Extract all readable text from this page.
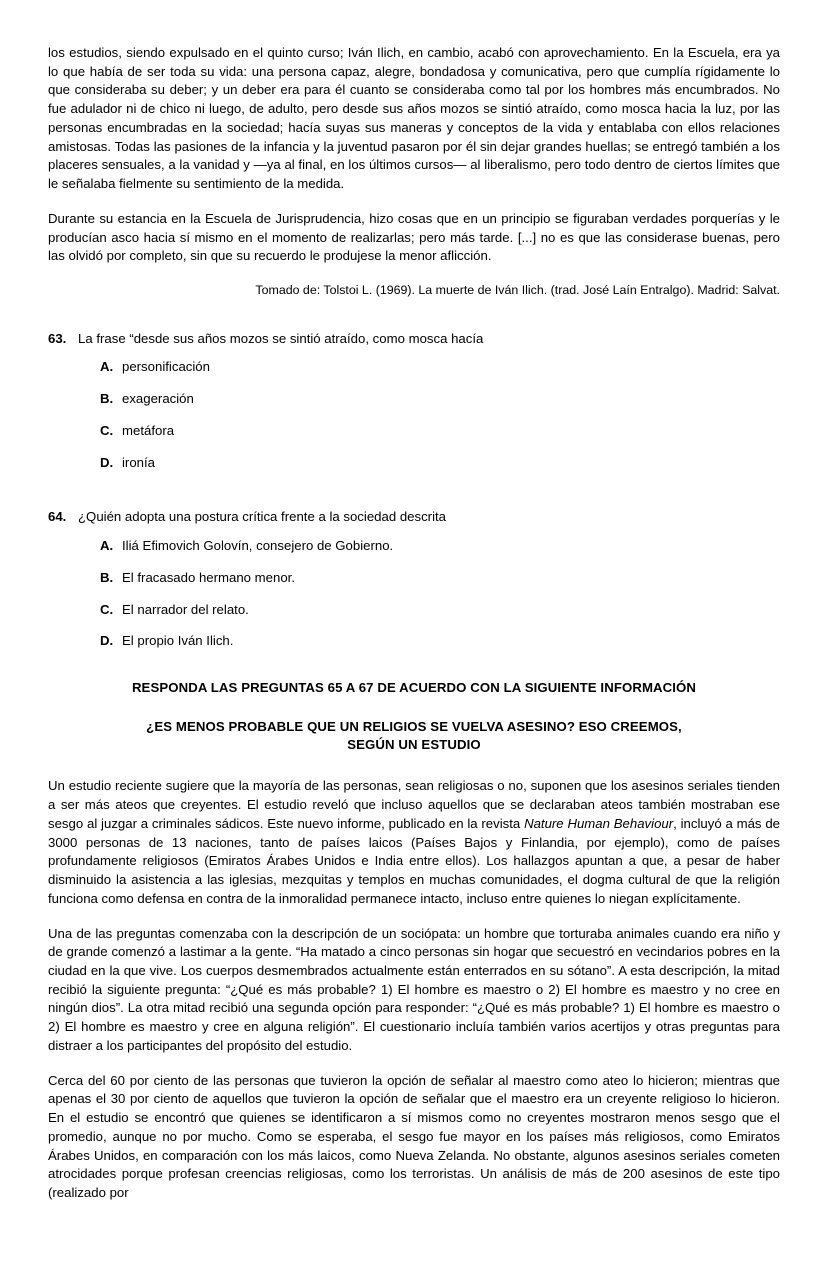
los estudios, siendo expulsado en el quinto curso; Iván Ilich, en cambio, acabó con aprovechamiento. En la Escuela, era ya lo que había de ser toda su vida: una persona capaz, alegre, bondadosa y comunicativa, pero que cumplía rígidamente lo que consideraba su deber; y un deber era para él cuanto se consideraba como tal por los hombres más encumbrados. No fue adulador ni de chico ni luego, de adulto, pero desde sus años mozos se sintió atraído, como mosca hacia la luz, por las personas encumbradas en la sociedad; hacía suyas sus maneras y conceptos de la vida y entablaba con ellos relaciones amistosas. Todas las pasiones de la infancia y la juventud pasaron por él sin dejar grandes huellas; se entregó también a los placeres sensuales, a la vanidad y —ya al final, en los últimos cursos— al liberalismo, pero todo dentro de ciertos límites que le señalaba fielmente su sentimiento de la medida.

Durante su estancia en la Escuela de Jurisprudencia, hizo cosas que en un principio se figuraban verdades porquerías y le producían asco hacia sí mismo en el momento de realizarlas; pero más tarde. [...] no es que las considerase buenas, pero las olvidó por completo, sin que su recuerdo le produjese la menor aflicción.

Tomado de: Tolstoi L. (1969). La muerte de Iván Ilich. (trad. José Laín Entralgo). Madrid: Salvat.

63. La frase “desde sus años mozos se sintió atraído, como mosca hacía
A. personificación
B. exageración
C. metáfora
D. ironía
64. ¿Quién adopta una postura crítica frente a la sociedad descrita
A. Iliá Efimovich Golovín, consejero de Gobierno.
B. El fracasado hermano menor.
C. El narrador del relato.
D. El propio Iván Ilich.
RESPONDA LAS PREGUNTAS 65 A 67 DE ACUERDO CON LA SIGUIENTE INFORMACIÓN
¿ES MENOS PROBABLE QUE UN RELIGIOS SE VUELVA ASESINO? ESO CREEMOS,
SEGÚN UN ESTUDIO

Un estudio reciente sugiere que la mayoría de las personas, sean religiosas o no, suponen que los asesinos seriales tienden a ser más ateos que creyentes. El estudio reveló que incluso aquellos que se declaraban ateos también mostraban ese sesgo al juzgar a criminales sádicos. Este nuevo informe, publicado en la revista Nature Human Behaviour, incluyó a más de 3000 personas de 13 naciones, tanto de países laicos (Países Bajos y Finlandia, por ejemplo), como de países profundamente religiosos (Emiratos Árabes Unidos e India entre ellos). Los hallazgos apuntan a que, a pesar de haber disminuido la asistencia a las iglesias, mezquitas y templos en muchas comunidades, el dogma cultural de que la religión funciona como defensa en contra de la inmoralidad permanece intacto, incluso entre quienes lo niegan explícitamente.

Una de las preguntas comenzaba con la descripción de un sociópata: un hombre que torturaba animales cuando era niño y de grande comenzó a lastimar a la gente. “Ha matado a cinco personas sin hogar que secuestró en vecindarios pobres en la ciudad en la que vive. Los cuerpos desmembrados actualmente están enterrados en su sótano”. A esta descripción, la mitad recibió la siguiente pregunta: “¿Qué es más probable? 1) El hombre es maestro o 2) El hombre es maestro y no cree en ningún dios”. La otra mitad recibió una segunda opción para responder: “¿Qué es más probable? 1) El hombre es maestro o 2) El hombre es maestro y cree en alguna religión”. El cuestionario incluía también varios acertijos y otras preguntas para distraer a los participantes del propósito del estudio.

Cerca del 60 por ciento de las personas que tuvieron la opción de señalar al maestro como ateo lo hicieron; mientras que apenas el 30 por ciento de aquellos que tuvieron la opción de señalar que el maestro era un creyente religioso lo hicieron. En el estudio se encontró que quienes se identificaron a sí mismos como no creyentes mostraron menos sesgo que el promedio, aunque no por mucho. Como se esperaba, el sesgo fue mayor en los países más religiosos, como Emiratos Árabes Unidos, en comparación con los más laicos, como Nueva Zelanda. No obstante, algunos asesinos seriales cometen atrocidades porque profesan creencias religiosas, como los terroristas. Un análisis de más de 200 asesinos de este tipo (realizado por
